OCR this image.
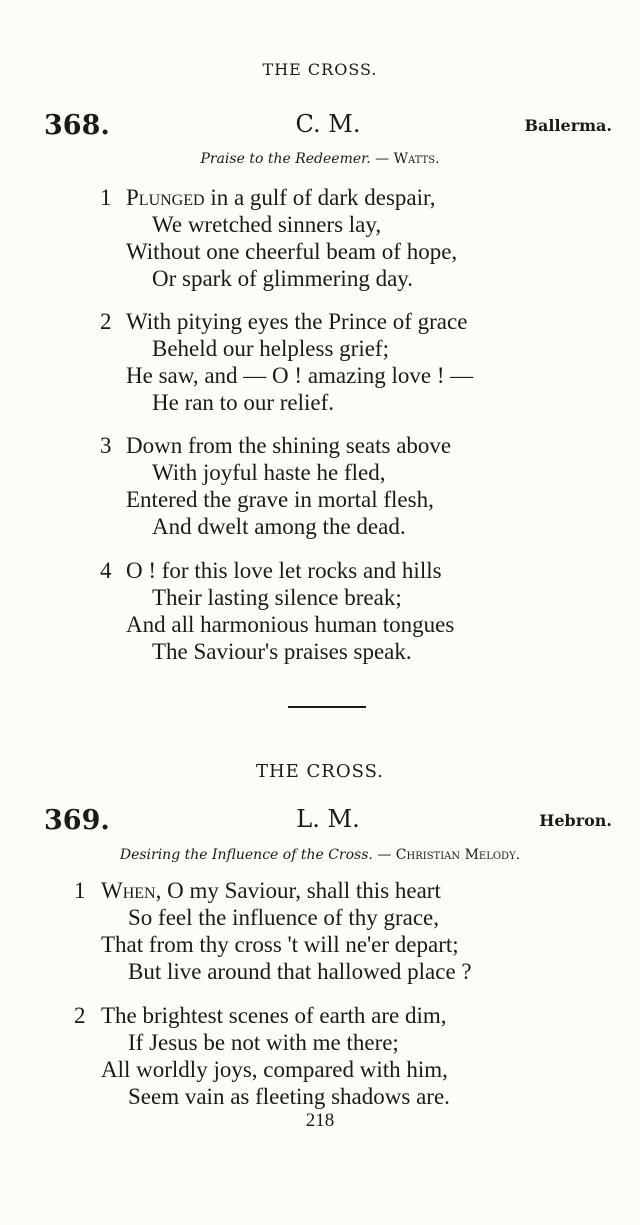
THE CROSS.
368.	C. M.	Ballerma.
Praise to the Redeemer. — Watts.
1 Plunged in a gulf of dark despair,
We wretched sinners lay,
Without one cheerful beam of hope,
Or spark of glimmering day.
2 With pitying eyes the Prince of grace
Beheld our helpless grief;
He saw, and — O ! amazing love ! —
He ran to our relief.
3 Down from the shining seats above
With joyful haste he fled,
Entered the grave in mortal flesh,
And dwelt among the dead.
4 O ! for this love let rocks and hills
Their lasting silence break;
And all harmonious human tongues
The Saviour's praises speak.
THE CROSS.
369.	L. M.	Hebron.
Desiring the Influence of the Cross. — Christian Melody.
1 When, O my Saviour, shall this heart
So feel the influence of thy grace,
That from thy cross 't will ne'er depart;
But live around that hallowed place ?
2 The brightest scenes of earth are dim,
If Jesus be not with me there;
All worldly joys, compared with him,
Seem vain as fleeting shadows are.
218
